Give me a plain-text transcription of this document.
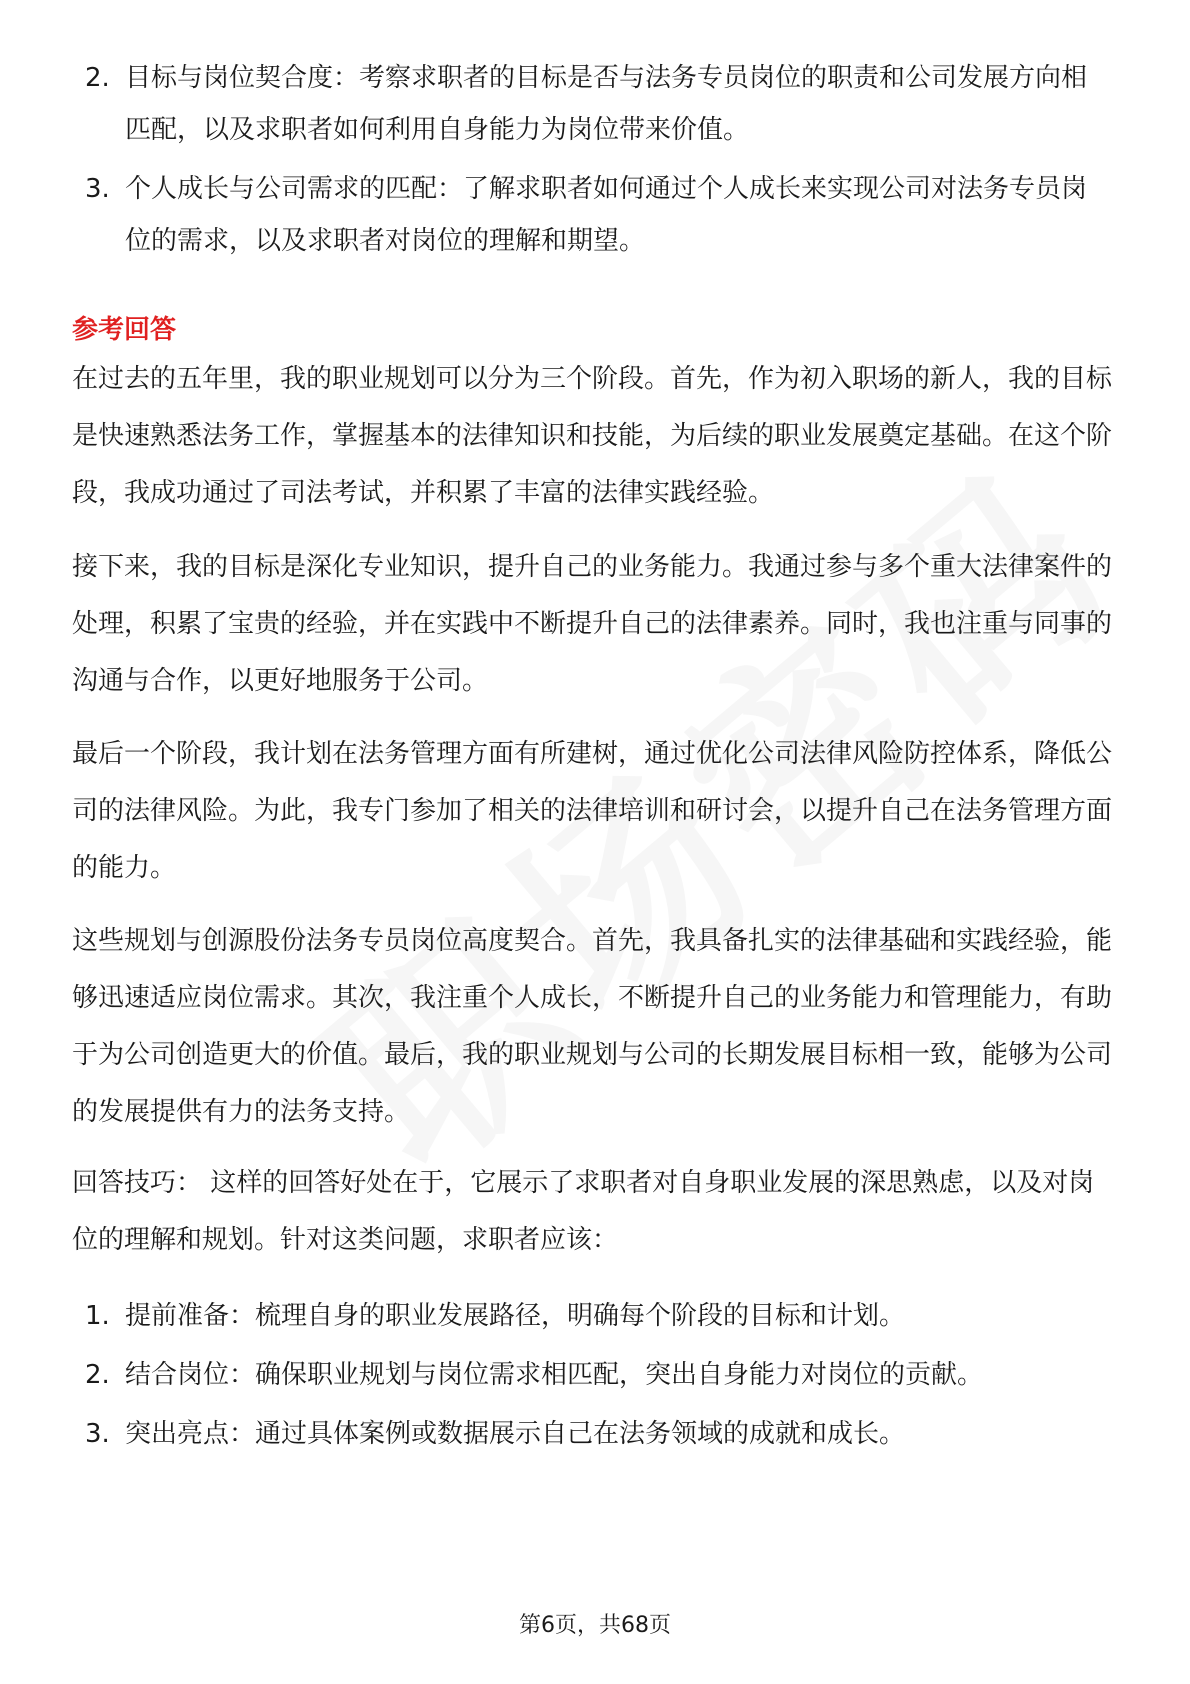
2. 目标与岗位契合度：考察求职者的目标是否与法务专员岗位的职责和公司发展方向相匹配，以及求职者如何利用自身能力为岗位带来价值。
3. 个人成长与公司需求的匹配：了解求职者如何通过个人成长来实现公司对法务专员岗位的需求，以及求职者对岗位的理解和期望。
参考回答

在过去的五年里，我的职业规划可以分为三个阶段。首先，作为初入职场的新人，我的目标是快速熟悉法务工作，掌握基本的法律知识和技能，为后续的职业发展奠定基础。在这个阶段，我成功通过了司法考试，并积累了丰富的法律实践经验。

接下来，我的目标是深化专业知识，提升自己的业务能力。我通过参与多个重大法律案件的处理，积累了宝贵的经验，并在实践中不断提升自己的法律素养。同时，我也注重与同事的沟通与合作，以更好地服务于公司。

最后一个阶段，我计划在法务管理方面有所建树，通过优化公司法律风险防控体系，降低公司的法律风险。为此，我专门参加了相关的法律培训和研讨会，以提升自己在法务管理方面的能力。

这些规划与创源股份法务专员岗位高度契合。首先，我具备扎实的法律基础和实践经验，能够迅速适应岗位需求。其次，我注重个人成长，不断提升自己的业务能力和管理能力，有助于为公司创造更大的价值。最后，我的职业规划与公司的长期发展目标相一致，能够为公司的发展提供有力的法务支持。

回答技巧： 这样的回答好处在于，它展示了求职者对自身职业发展的深思熟虑，以及对岗位的理解和规划。针对这类问题，求职者应该：

1. 提前准备：梳理自身的职业发展路径，明确每个阶段的目标和计划。
2. 结合岗位：确保职业规划与岗位需求相匹配，突出自身能力对岗位的贡献。
3. 突出亮点：通过具体案例或数据展示自己在法务领域的成就和成长。
第6页，共68页
